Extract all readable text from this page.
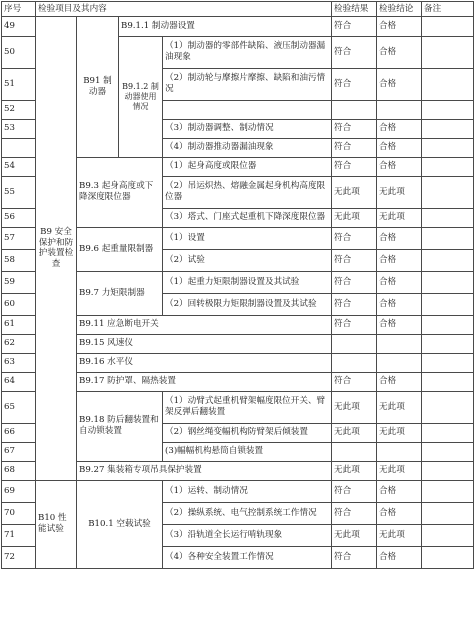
序号	检验项目及其内容				检验结果	检验结论	备注
49	B9 安全保护和防护装置检查	B91 制动器	B9.1.1 制动器设置		符合	合格	
50			B9.1.2 制动器使用情况	（1）制动器的零部件缺陷、液压制动器漏油现象	符合	合格	
51				（2）制动轮与摩擦片摩擦、缺陷和油污情况	符合	合格	
52							
53				（3）制动器调整、制动情况	符合	合格	
				（4）制动器推动器漏油现象	符合	合格	
54		B9.3 起身高度或下降深度限位器		（1）起身高度或限位器	符合	合格	
55				（2）吊运炽热、熔融金属起身机构高度限位器	无此项	无此项	
56				（3）塔式、门座式起重机下降深度限位器	无此项	无此项	
57		B9.6 起重量限制器		（1）设置	符合	合格	
58				（2）试验	符合	合格	
59		B9.7 力矩限制器		（1）起重力矩限制器设置及其试验	符合	合格	
60				（2）回转极限力矩限制器设置及其试验	符合	合格	
61		B9.11 应急断电开关			符合	合格	
62		B9.15 风速仪					
63		B9.16 水平仪					
64		B9.17 防护罩、隔热装置			符合	合格	
65		B9.18 防后翻装置和自动锁装置		（1）动臂式起重机臂架幅度限位开关、臂架反弹后翻装置	无此项	无此项	
66				（2）钢丝绳变幅机构防臂架后倾装置	无此项	无此项	
67				(3)幅幅机构悬筒自锁装置			
68		B9.27 集装箱专项吊具保护装置			无此项	无此项	
69	B10 性能试验	B10.1 空载试验		（1）运转、制动情况	符合	合格	
70				（2）操纵系统、电气控制系统工作情况	符合	合格	
71				（3）沿轨道全长运行啃轨现象	无此项	无此项	
72				（4）各种安全装置工作情况	符合	合格	
